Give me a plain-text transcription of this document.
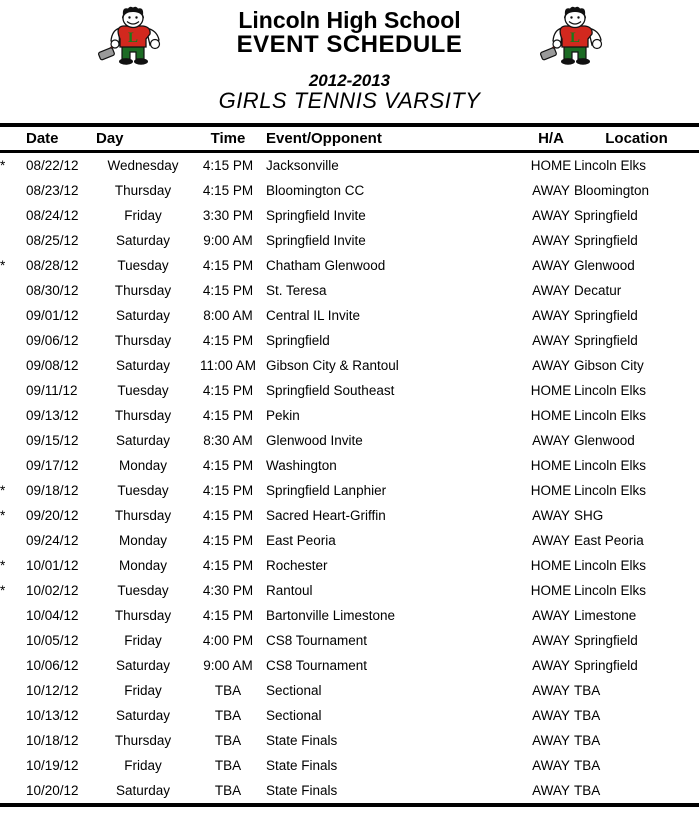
L	L
Lincoln High School
EVENT SCHEDULE
2012-2013
GIRLS TENNIS VARSITY
	Date	Day	Time	Event/Opponent	H/A	Location
*	08/22/12	Wednesday	4:15 PM	Jacksonville	HOME	Lincoln Elks
	08/23/12	Thursday	4:15 PM	Bloomington CC	AWAY	Bloomington
	08/24/12	Friday	3:30 PM	Springfield Invite	AWAY	Springfield
	08/25/12	Saturday	9:00 AM	Springfield Invite	AWAY	Springfield
*	08/28/12	Tuesday	4:15 PM	Chatham Glenwood	AWAY	Glenwood
	08/30/12	Thursday	4:15 PM	St. Teresa	AWAY	Decatur
	09/01/12	Saturday	8:00 AM	Central IL Invite	AWAY	Springfield
	09/06/12	Thursday	4:15 PM	Springfield	AWAY	Springfield
	09/08/12	Saturday	11:00 AM	Gibson City & Rantoul	AWAY	Gibson City
	09/11/12	Tuesday	4:15 PM	Springfield Southeast	HOME	Lincoln Elks
	09/13/12	Thursday	4:15 PM	Pekin	HOME	Lincoln Elks
	09/15/12	Saturday	8:30 AM	Glenwood Invite	AWAY	Glenwood
	09/17/12	Monday	4:15 PM	Washington	HOME	Lincoln Elks
*	09/18/12	Tuesday	4:15 PM	Springfield Lanphier	HOME	Lincoln Elks
*	09/20/12	Thursday	4:15 PM	Sacred Heart-Griffin	AWAY	SHG
	09/24/12	Monday	4:15 PM	East Peoria	AWAY	East Peoria
*	10/01/12	Monday	4:15 PM	Rochester	HOME	Lincoln Elks
*	10/02/12	Tuesday	4:30 PM	Rantoul	HOME	Lincoln Elks
	10/04/12	Thursday	4:15 PM	Bartonville Limestone	AWAY	Limestone
	10/05/12	Friday	4:00 PM	CS8 Tournament	AWAY	Springfield
	10/06/12	Saturday	9:00 AM	CS8 Tournament	AWAY	Springfield
	10/12/12	Friday	TBA	Sectional	AWAY	TBA
	10/13/12	Saturday	TBA	Sectional	AWAY	TBA
	10/18/12	Thursday	TBA	State Finals	AWAY	TBA
	10/19/12	Friday	TBA	State Finals	AWAY	TBA
	10/20/12	Saturday	TBA	State Finals	AWAY	TBA
